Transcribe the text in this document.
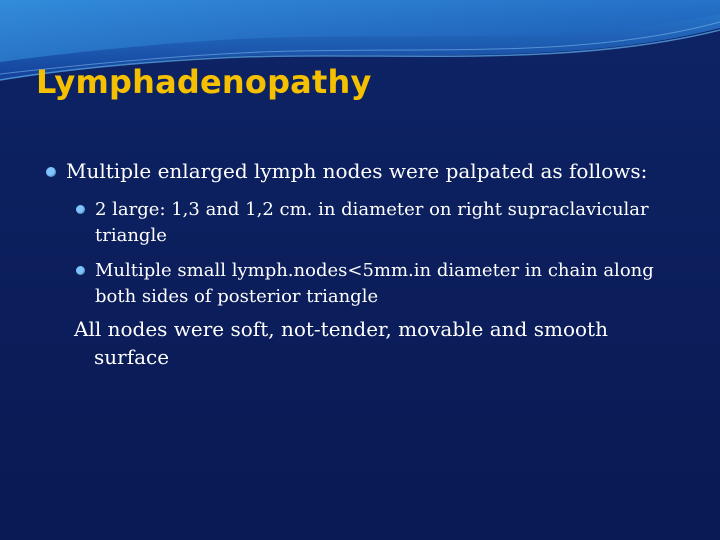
Lymphadenopathy
Multiple enlarged lymph nodes were palpated as follows:
2 large: 1,3 and 1,2 cm. in diameter on right supraclavicular triangle
Multiple small lymph.nodes<5mm.in diameter in chain along both sides of posterior triangle
All nodes were soft, not-tender, movable and smooth
surface
